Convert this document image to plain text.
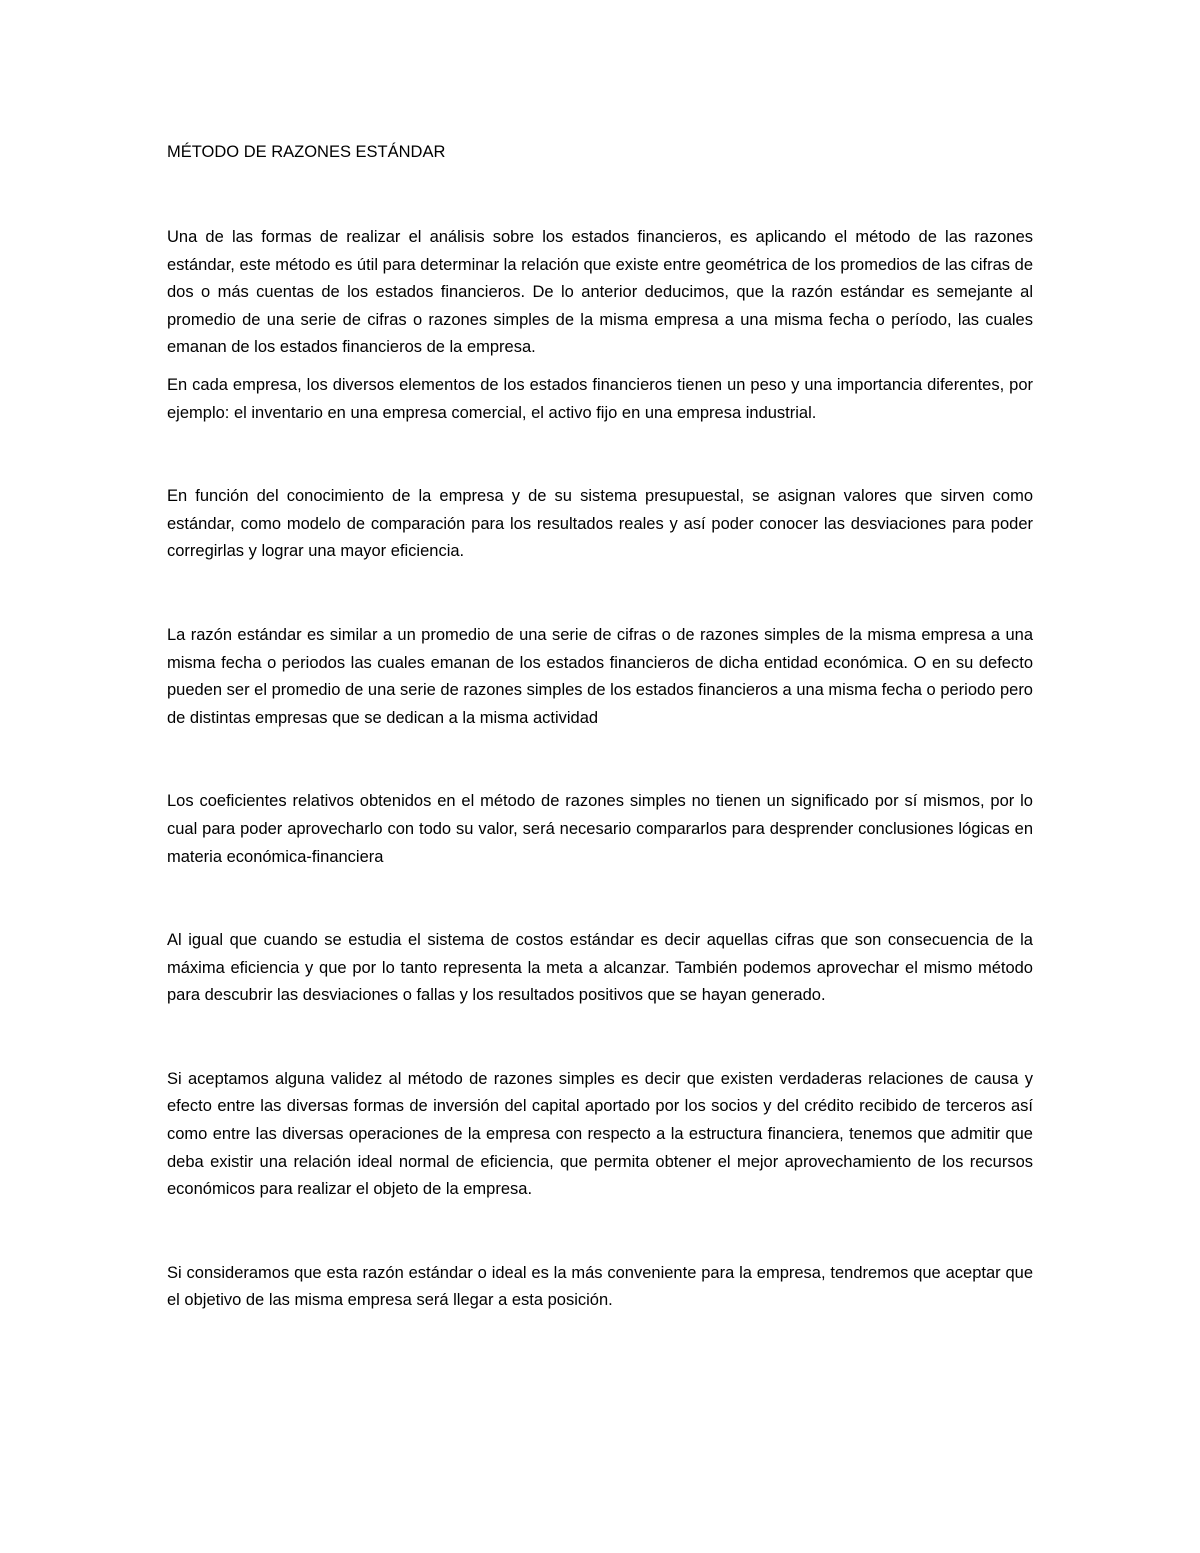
MÉTODO DE RAZONES ESTÁNDAR

Una de las formas de realizar el análisis sobre los estados financieros, es aplicando el método de las razones estándar, este método es útil para determinar la relación que existe entre geométrica de los promedios de las cifras de dos o más cuentas de los estados financieros. De lo anterior deducimos, que la razón estándar es semejante al promedio de una serie de cifras o razones simples de la misma empresa a una misma fecha o período, las cuales emanan de los estados financieros de la empresa.

En cada empresa, los diversos elementos de los estados financieros tienen un peso y una importancia diferentes, por ejemplo: el inventario en una empresa comercial, el activo fijo en una empresa industrial.

En función del conocimiento de la empresa y de su sistema presupuestal, se asignan valores que sirven como estándar, como modelo de comparación para los resultados reales y así poder conocer las desviaciones para poder corregirlas y lograr una mayor eficiencia.

La razón estándar es similar a un promedio de una serie de cifras o de razones simples de la misma empresa a una misma fecha o periodos las cuales emanan de los estados financieros de dicha entidad económica. O en su defecto pueden ser el promedio de una serie de razones simples de los estados financieros a una misma fecha o periodo pero de distintas empresas que se dedican a la misma actividad

Los coeficientes relativos obtenidos en el método de razones simples no tienen un significado por sí mismos, por lo cual para poder aprovecharlo con todo su valor, será necesario compararlos para desprender conclusiones lógicas en materia económica-financiera

Al igual que cuando se estudia el sistema de costos estándar es decir aquellas cifras que son consecuencia de la máxima eficiencia y que por lo tanto representa la meta a alcanzar. También podemos aprovechar el mismo método para descubrir las desviaciones o fallas y los resultados positivos que se hayan generado.

Si aceptamos alguna validez al método de razones simples es decir que existen verdaderas relaciones de causa y efecto entre las diversas formas de inversión del capital aportado por los socios y del crédito recibido de terceros así como entre las diversas operaciones de la empresa con respecto a la estructura financiera, tenemos que admitir que deba existir una relación ideal normal de eficiencia, que permita obtener el mejor aprovechamiento de los recursos económicos para realizar el objeto de la empresa.

Si consideramos que esta razón estándar o ideal es la más conveniente para la empresa, tendremos que aceptar que el objetivo de las misma empresa será llegar a esta posición.
